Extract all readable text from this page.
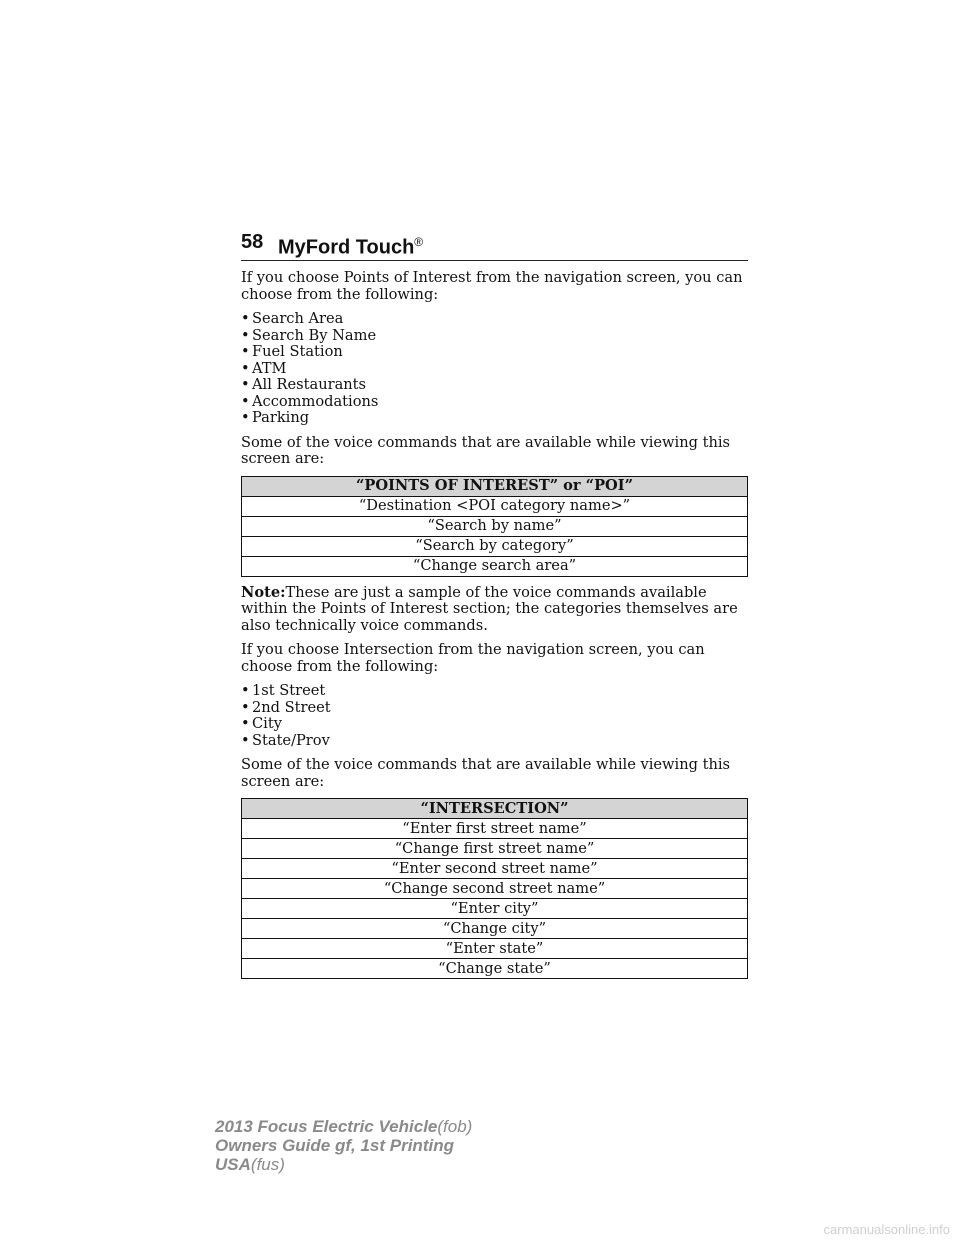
58 MyFord Touch®

If you choose Points of Interest from the navigation screen, you can choose from the following:

• Search Area
• Search By Name
• Fuel Station
• ATM
• All Restaurants
• Accommodations
• Parking

Some of the voice commands that are available while viewing this screen are:

“POINTS OF INTEREST” or “POI”
“Destination <POI category name>”
“Search by name”
“Search by category”
“Change search area”

Note:These are just a sample of the voice commands available within the Points of Interest section; the categories themselves are also technically voice commands.

If you choose Intersection from the navigation screen, you can choose from the following:

• 1st Street
• 2nd Street
• City
• State/Prov

Some of the voice commands that are available while viewing this screen are:

“INTERSECTION”
“Enter first street name”
“Change first street name”
“Enter second street name”
“Change second street name”
“Enter city”
“Change city”
“Enter state”
“Change state”
2013 Focus Electric Vehicle(fob)
Owners Guide gf, 1st Printing
USA(fus)
carmanualsonline.info
